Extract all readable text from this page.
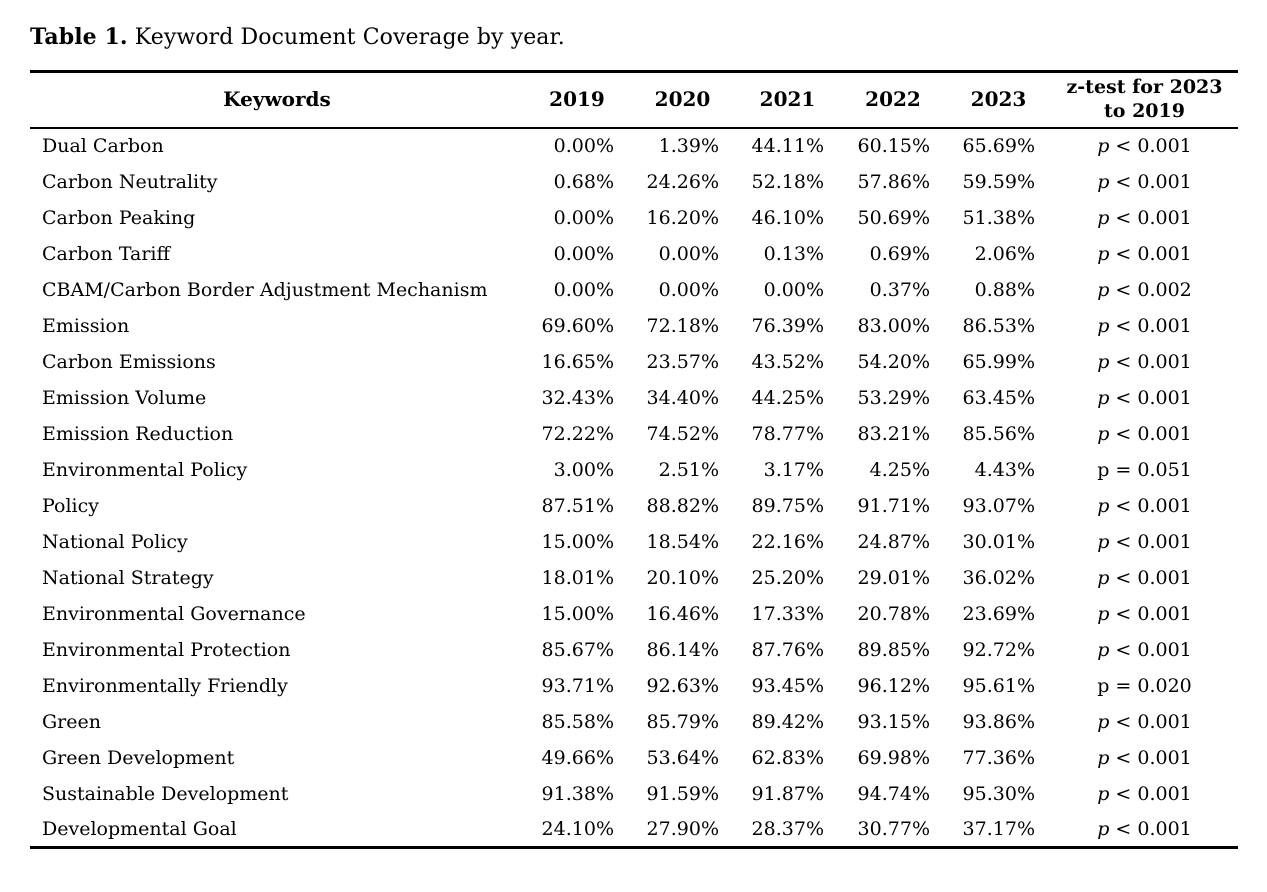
Table 1. Keyword Document Coverage by year.
Keywords	2019	2020	2021	2022	2023	z-test for 2023
to 2019
Dual Carbon	0.00%	1.39%	44.11%	60.15%	65.69%	p < 0.001
Carbon Neutrality	0.68%	24.26%	52.18%	57.86%	59.59%	p < 0.001
Carbon Peaking	0.00%	16.20%	46.10%	50.69%	51.38%	p < 0.001
Carbon Tariff	0.00%	0.00%	0.13%	0.69%	2.06%	p < 0.001
CBAM/Carbon Border Adjustment Mechanism	0.00%	0.00%	0.00%	0.37%	0.88%	p < 0.002
Emission	69.60%	72.18%	76.39%	83.00%	86.53%	p < 0.001
Carbon Emissions	16.65%	23.57%	43.52%	54.20%	65.99%	p < 0.001
Emission Volume	32.43%	34.40%	44.25%	53.29%	63.45%	p < 0.001
Emission Reduction	72.22%	74.52%	78.77%	83.21%	85.56%	p < 0.001
Environmental Policy	3.00%	2.51%	3.17%	4.25%	4.43%	p = 0.051
Policy	87.51%	88.82%	89.75%	91.71%	93.07%	p < 0.001
National Policy	15.00%	18.54%	22.16%	24.87%	30.01%	p < 0.001
National Strategy	18.01%	20.10%	25.20%	29.01%	36.02%	p < 0.001
Environmental Governance	15.00%	16.46%	17.33%	20.78%	23.69%	p < 0.001
Environmental Protection	85.67%	86.14%	87.76%	89.85%	92.72%	p < 0.001
Environmentally Friendly	93.71%	92.63%	93.45%	96.12%	95.61%	p = 0.020
Green	85.58%	85.79%	89.42%	93.15%	93.86%	p < 0.001
Green Development	49.66%	53.64%	62.83%	69.98%	77.36%	p < 0.001
Sustainable Development	91.38%	91.59%	91.87%	94.74%	95.30%	p < 0.001
Developmental Goal	24.10%	27.90%	28.37%	30.77%	37.17%	p < 0.001
